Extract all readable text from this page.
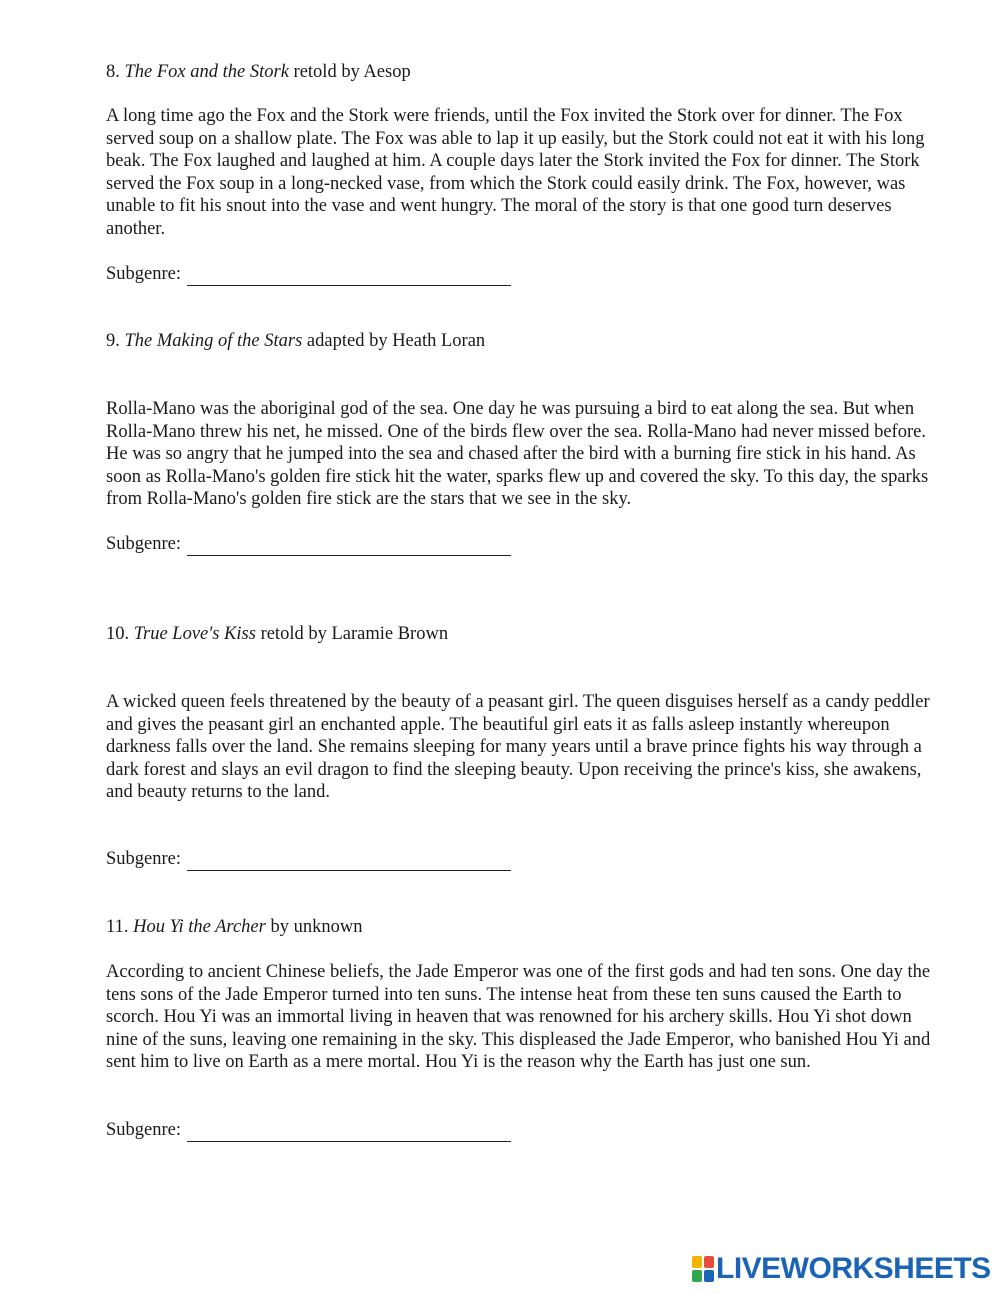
8. The Fox and the Stork retold by Aesop

A long time ago the Fox and the Stork were friends, until the Fox invited the Stork over for dinner. The Fox served soup on a shallow plate. The Fox was able to lap it up easily, but the Stork could not eat it with his long beak. The Fox laughed and laughed at him. A couple days later the Stork invited the Fox for dinner. The Stork served the Fox soup in a long-necked vase, from which the Stork could easily drink. The Fox, however, was unable to fit his snout into the vase and went hungry. The moral of the story is that one good turn deserves another.

Subgenre:
9. The Making of the Stars adapted by Heath Loran

Rolla-Mano was the aboriginal god of the sea. One day he was pursuing a bird to eat along the sea. But when Rolla-Mano threw his net, he missed. One of the birds flew over the sea. Rolla-Mano had never missed before. He was so angry that he jumped into the sea and chased after the bird with a burning fire stick in his hand. As soon as Rolla-Mano's golden fire stick hit the water, sparks flew up and covered the sky. To this day, the sparks from Rolla-Mano's golden fire stick are the stars that we see in the sky.

Subgenre:
10. True Love's Kiss retold by Laramie Brown

A wicked queen feels threatened by the beauty of a peasant girl. The queen disguises herself as a candy peddler and gives the peasant girl an enchanted apple. The beautiful girl eats it as falls asleep instantly whereupon darkness falls over the land. She remains sleeping for many years until a brave prince fights his way through a dark forest and slays an evil dragon to find the sleeping beauty. Upon receiving the prince's kiss, she awakens, and beauty returns to the land.

Subgenre:
11. Hou Yi the Archer by unknown

According to ancient Chinese beliefs, the Jade Emperor was one of the first gods and had ten sons. One day the tens sons of the Jade Emperor turned into ten suns. The intense heat from these ten suns caused the Earth to scorch. Hou Yi was an immortal living in heaven that was renowned for his archery skills. Hou Yi shot down nine of the suns, leaving one remaining in the sky. This displeased the Jade Emperor, who banished Hou Yi and sent him to live on Earth as a mere mortal. Hou Yi is the reason why the Earth has just one sun.

Subgenre:
LIVEWORKSHEETS
